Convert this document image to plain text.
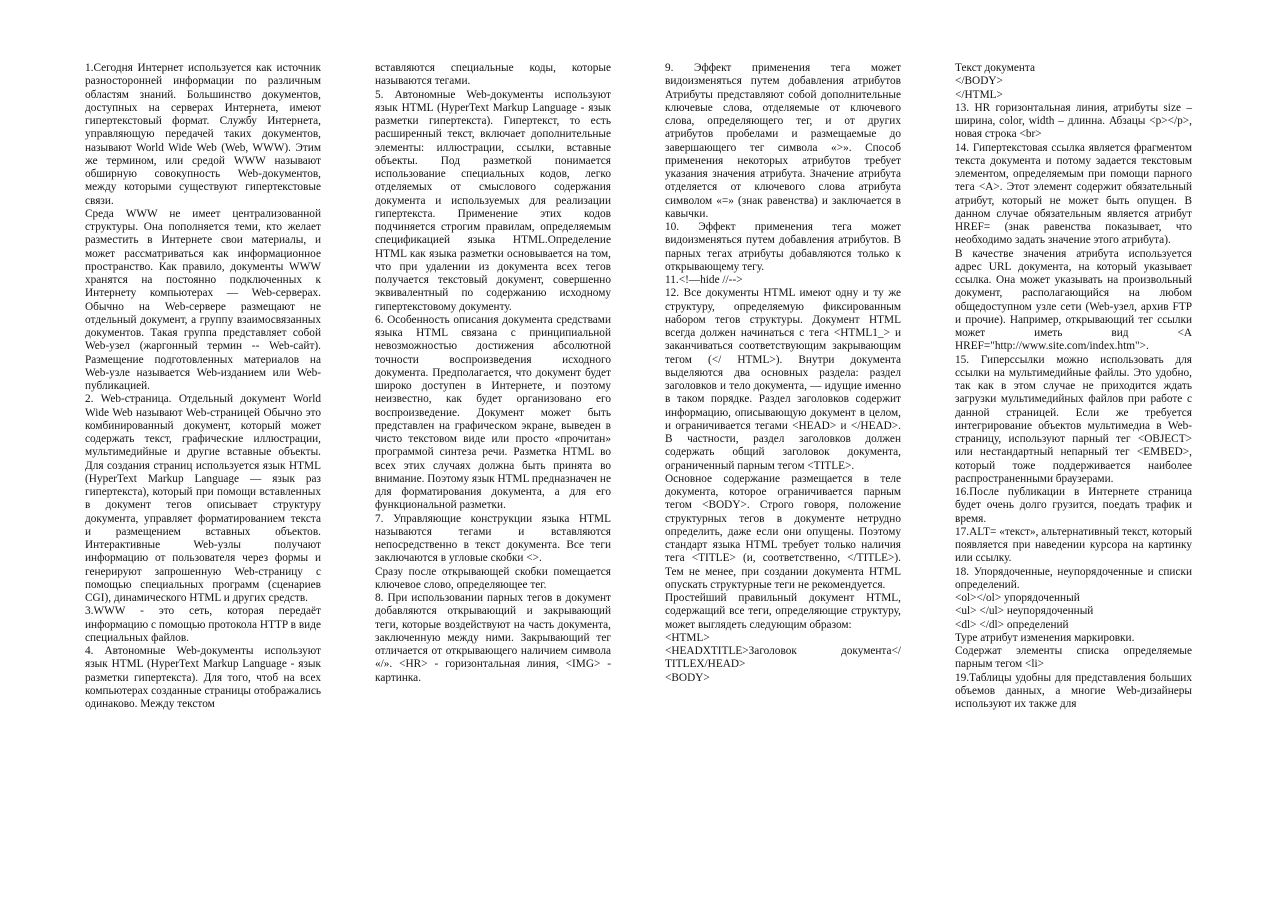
1.Сегодня Интернет используется как источник разносторонней информации по различным областям знаний. Большинство документов, доступных на серверах Интернета, имеют гипертекстовый формат. Службу Интернета, управляющую передачей таких документов, называют World Wide Web (Web, WWW). Этим же термином, или средой WWW называют обширную совокупность Web-документов, между которыми существуют гипертекстовые связи.

Среда WWW не имеет централизованной структуры. Она пополняется теми, кто желает разместить в Интернете свои материалы, и может рассматриваться как информационное пространство. Как правило, документы WWW хранятся на постоянно подключенных к Интернету компьютерах — Web-серверах. Обычно на Web-сервере размещают не отдельный документ, а группу взаимосвязанных документов. Такая группа представляет собой Web-узел (жаргонный термин -- Web-сайт). Размещение подготовленных материалов на Web-узле называется Web-изданием или Web-публикацией.

2. Web-страница. Отдельный документ World Wide Web называют Web-страницей Обычно это комбинированный документ, который может содержать текст, графические иллюстрации, мультимедийные и другие вставные объекты. Для создания страниц используется язык HTML (HyperText Markup Language — язык раз гипертекста), который при помощи вставленных в документ тегов описывает структуру документа, управляет форматированием текста и размещением вставных объектов. Интерактивные Web-узлы получают информацию от пользователя через формы и генерируют запрошенную Web-страницу с помощью специальных программ (сценариев CGI), динамического HTML и других средств.

3.WWW - это сеть, которая передаёт информацию с помощью протокола HTTP в виде специальных файлов.

4. Автономные Web-документы используют язык HTML (HyperText Markup Language - язык разметки гипертекста). Для того, чтоб на всех компьютерах созданные страницы отображались одинаково. Между текстом

вставляются специальные коды, которые называются тегами.

5. Автономные Web-документы используют язык HTML (HyperText Markup Language - язык разметки гипертекста). Гипертекст, то есть расширенный текст, включает дополнительные элементы: иллюстрации, ссылки, вставные объекты. Под разметкой понимается использование специальных кодов, легко отделяемых от смыслового содержания документа и используемых для реализации гипертекста. Применение этих кодов подчиняется строгим правилам, определяемым спецификацией языка HTML.Определение HTML как языка разметки основывается на том, что при удалении из документа всех тегов получается текстовый документ, совершенно эквивалентный по содержанию исходному гипертекстовому документу.

6. Особенность описания документа средствами языка HTML связана с принципиальной невозможностью достижения абсолютной точности воспроизведения исходного документа. Предполагается, что документ будет широко доступен в Интернете, и поэтому неизвестно, как будет организовано его воспроизведение. Документ может быть представлен на графическом экране, выведен в чисто текстовом виде или просто «прочитан» программой синтеза речи. Разметка HTML во всех этих случаях должна быть принята во внимание. Поэтому язык HTML предназначен не для форматирования документа, а для его функциональной разметки.

7. Управляющие конструкции языка HTML называются тегами и вставляются непосредственно в текст документа. Все теги заключаются в угловые скобки <>.

Сразу после открывающей скобки помещается ключевое слово, определяющее тег.

8. При использовании парных тегов в документ добавляются открывающий и закрывающий теги, которые воздействуют на часть документа, заключенную между ними. Закрывающий тег отличается от открывающего наличием символа «/». <HR> - горизонтальная линия, <IMG> - картинка.

9. Эффект применения тега может видоизменяться путем добавления атрибутов Атрибуты представляют собой дополнительные ключевые слова, отделяемые от ключевого слова, определяющего тег, и от других атрибутов пробелами и размещаемые до завершающего тег символа «>». Способ применения некоторых атрибутов требует указания значения атрибута. Значение атрибута отделяется от ключевого слова атрибута символом «=» (знак равенства) и заключается в кавычки.

10. Эффект применения тега может видоизменяться путем добавления атрибутов. В парных тегах атрибуты добавляются только к открывающему тегу.

11.<!—hide //-->

12. Все документы HTML имеют одну и ту же структуру, определяемую фиксированным набором тегов структуры. Документ HTML всегда должен начинаться с тега <HTML1_> и заканчиваться соответствующим закрывающим тегом (</ HTML>). Внутри документа выделяются два основных раздела: раздел заголовков и тело документа, — идущие именно в таком порядке. Раздел заголовков содержит информацию, описывающую документ в целом, и ограничивается тегами <HEAD> и </HEAD>. В частности, раздел заголовков должен содержать общий заголовок документа, ограниченный парным тегом <TITLE>.

Основное содержание размещается в теле документа, которое ограничивается парным тегом <BODY>. Строго говоря, положение структурных тегов в документе нетрудно определить, даже если они опущены. Поэтому стандарт языка HTML требует только наличия тега <TITLE> (и, соответственно, </TITLE>). Тем не менее, при создании документа HTML опускать структурные теги не рекомендуется.

Простейший правильный документ HTML, содержащий все теги, определяющие структуру, может выглядеть следующим образом:

<HTML>

<HEADXTITLE>Заголовок документа</ TITLEX/HEAD>

<BODY>

Текст документа

</BODY>

</HTML>

13. HR горизонтальная линия, атрибуты size – ширина, color, width – длинна. Абзацы <p></p>, новая строка <br>

14. Гипертекстовая ссылка является фрагментом текста документа и потому задается текстовым элементом, определяемым при помощи парного тега <А>. Этот элемент содержит обязательный атрибут, который не может быть опущен. В данном случае обязательным является атрибут HREF= (знак равенства показывает, что необходимо задать значение этого атрибута).

В качестве значения атрибута используется адрес URL документа, на который указывает ссылка. Она может указывать на произвольный документ, располагающийся на любом общедоступном узле сети (Web-узел, архив FTP и прочие). Например, открывающий тег ссылки может иметь вид <A HREF="http://www.site.com/index.htm">.

15. Гиперссылки можно использовать для ссылки на мультимедийные файлы. Это удобно, так как в этом случае не приходится ждать загрузки мультимедийных файлов при работе с данной страницей. Если же требуется интегрирование объектов мультимедиа в Web-страницу, используют парный тег <OBJECT> или нестандартный непарный тег <EMBED>, который тоже поддерживается наиболее распространенными браузерами.

16.После публикации в Интернете страница будет очень долго грузится, поедать трафик и время.

17.ALT= «текст», альтернативный текст, который появляется при наведении курсора на картинку или ссылку.

18. Упорядоченные, неупорядоченные и списки определений.

<ol></ol> упорядоченный

<ul> </ul> неупорядоченный

<dl> </dl> определений

Type атрибут изменения маркировки.

Содержат элементы списка определяемые парным тегом <li>

19.Таблицы удобны для представления больших объемов данных, а многие Web-дизайнеры используют их также для
